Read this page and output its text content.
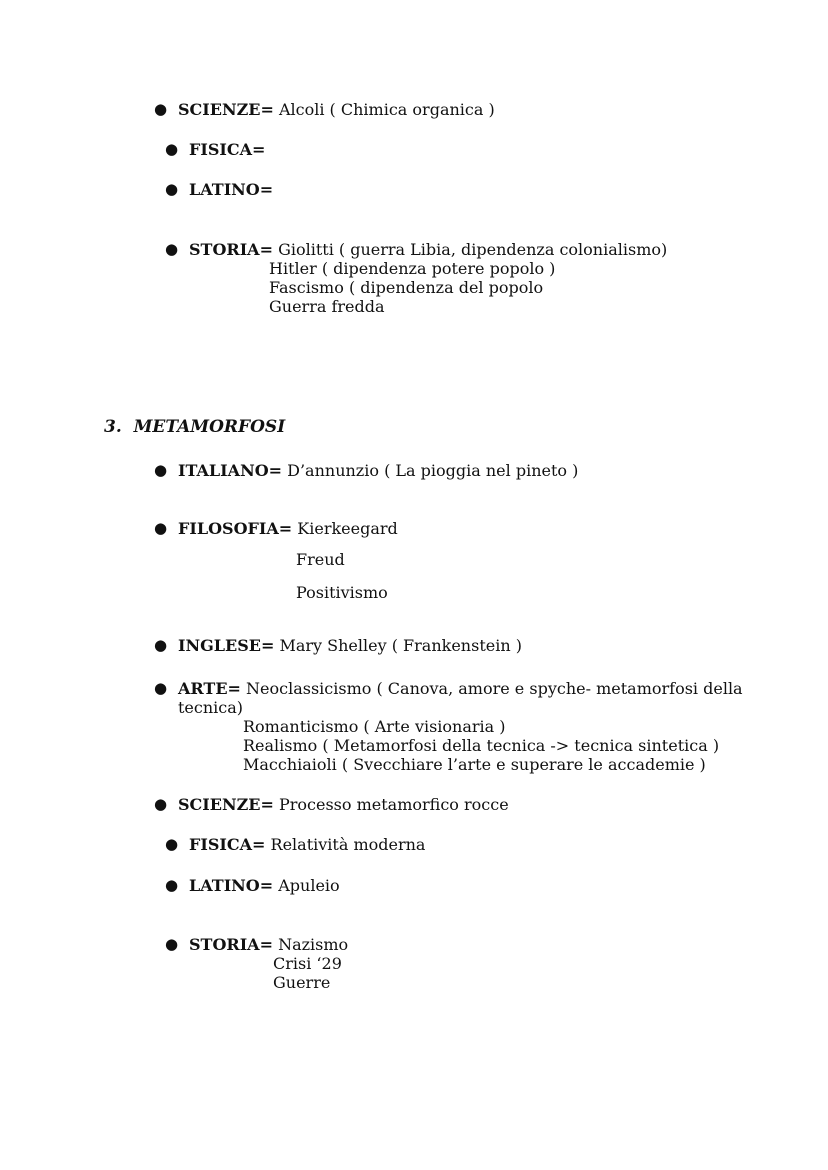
● SCIENZE= Alcoli ( Chimica organica )
● FISICA=
● LATINO=
● STORIA= Giolitti ( guerra Libia, dipendenza colonialismo)
Hitler ( dipendenza potere popolo )
Fascismo ( dipendenza del popolo
Guerra fredda
3. METAMORFOSI
● ITALIANO= D’annunzio ( La pioggia nel pineto )
● FILOSOFIA= Kierkeegard
Freud
Positivismo
● INGLESE= Mary Shelley ( Frankenstein )
● ARTE= Neoclassicismo ( Canova, amore e spyche- metamorfosi della
tecnica)
Romanticismo ( Arte visionaria )
Realismo ( Metamorfosi della tecnica -> tecnica sintetica )
Macchiaioli ( Svecchiare l’arte e superare le accademie )
● SCIENZE= Processo metamorfico rocce
● FISICA= Relatività moderna
● LATINO= Apuleio
● STORIA= Nazismo
Crisi ‘29
Guerre
